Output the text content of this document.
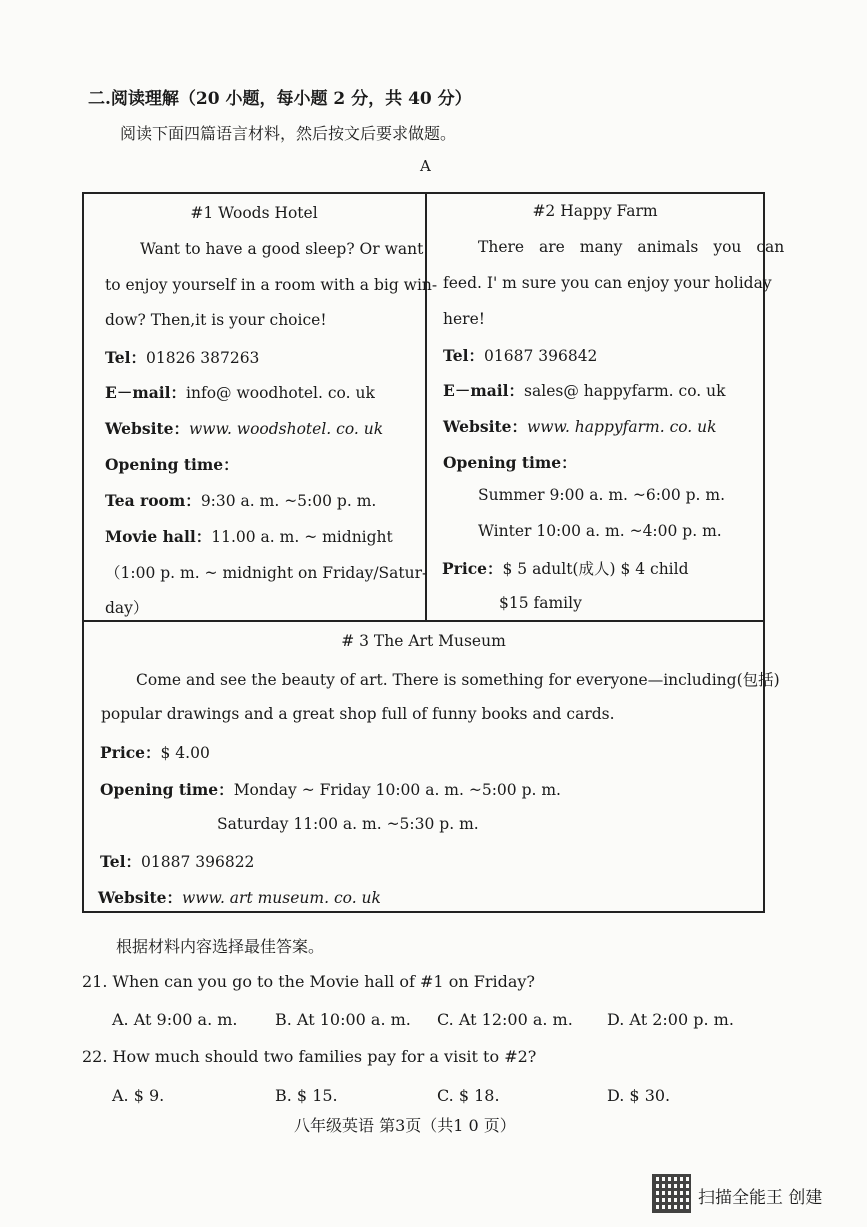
二.阅读理解（20 小题，每小题 2 分，共 40 分）
阅读下面四篇语言材料，然后按文后要求做题。
A
#1 Woods Hotel
Want to have a good sleep? Or want
to enjoy yourself in a room with a big win-
dow? Then,it is your choice!
Tel：01826 387263
E－mail：info@ woodhotel. co. uk
Website：www. woodshotel. co. uk
Opening time：
Tea room：9:30 a. m. ~5:00 p. m.
Movie hall：11.00 a. m. ~ midnight
（1:00 p. m. ~ midnight on Friday/Satur-
day）
#2 Happy Farm
There are many animals you can
feed. I' m sure you can enjoy your holiday
here!
Tel：01687 396842
E－mail：sales@ happyfarm. co. uk
Website：www. happyfarm. co. uk
Opening time：
Summer 9:00 a. m. ~6:00 p. m.
Winter 10:00 a. m. ~4:00 p. m.
Price：$ 5 adult(成人) $ 4 child
$15 family
# 3 The Art Museum
Come and see the beauty of art. There is something for everyone—including(包括)
popular drawings and a great shop full of funny books and cards.
Price：$ 4.00
Opening time：Monday ~ Friday 10:00 a. m. ~5:00 p. m.
Saturday 11:00 a. m. ~5:30 p. m.
Tel：01887 396822
Website：www. art museum. co. uk
根据材料内容选择最佳答案。
21. When can you go to the Movie hall of #1 on Friday?
A. At 9:00 a. m. B. At 10:00 a. m. C. At 12:00 a. m. D. At 2:00 p. m.
22. How much should two families pay for a visit to #2?
A. $ 9.	B. $ 15.	C. $ 18.	D. $ 30.
八年级英语 第3页（共1 0 页）
扫描全能王 创建
